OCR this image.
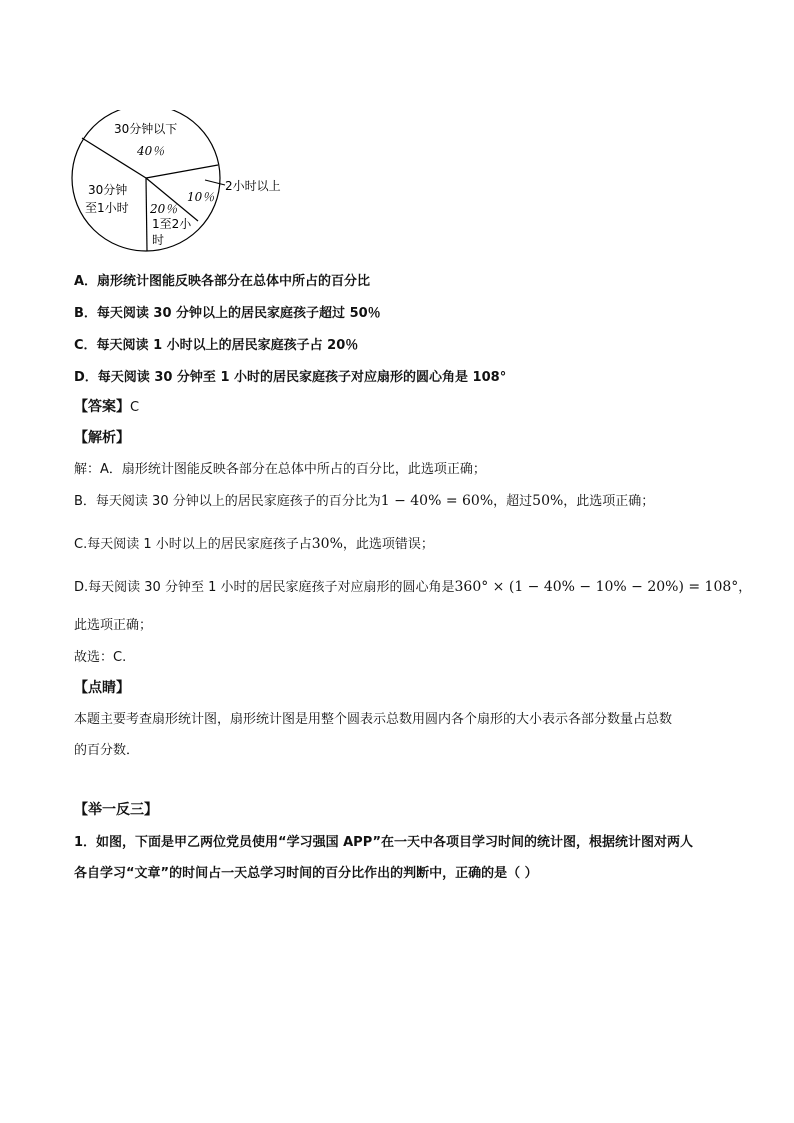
30分钟以下
40％
2小时以上
10％
1至2小
时
20％
30分钟
至1小时
A．扇形统计图能反映各部分在总体中所占的百分比
B．每天阅读 30 分钟以上的居民家庭孩子超过 50％
C．每天阅读 1 小时以上的居民家庭孩子占 20％
D．每天阅读 30 分钟至 1 小时的居民家庭孩子对应扇形的圆心角是 108°
【答案】C
【解析】
解：A．扇形统计图能反映各部分在总体中所占的百分比，此选项正确；
B．每天阅读 30 分钟以上的居民家庭孩子的百分比为1 − 40% = 60%，超过50%，此选项正确；
C.每天阅读 1 小时以上的居民家庭孩子占30%，此选项错误；
D.每天阅读 30 分钟至 1 小时的居民家庭孩子对应扇形的圆心角是360° × (1 − 40% − 10% − 20%) = 108°，
此选项正确；
故选：C.
【点睛】
本题主要考查扇形统计图，扇形统计图是用整个圆表示总数用圆内各个扇形的大小表示各部分数量占总数
的百分数．
【举一反三】
1．如图，下面是甲乙两位党员使用“学习强国 APP”在一天中各项目学习时间的统计图，根据统计图对两人
各自学习“文章”的时间占一天总学习时间的百分比作出的判断中，正确的是（ ）
